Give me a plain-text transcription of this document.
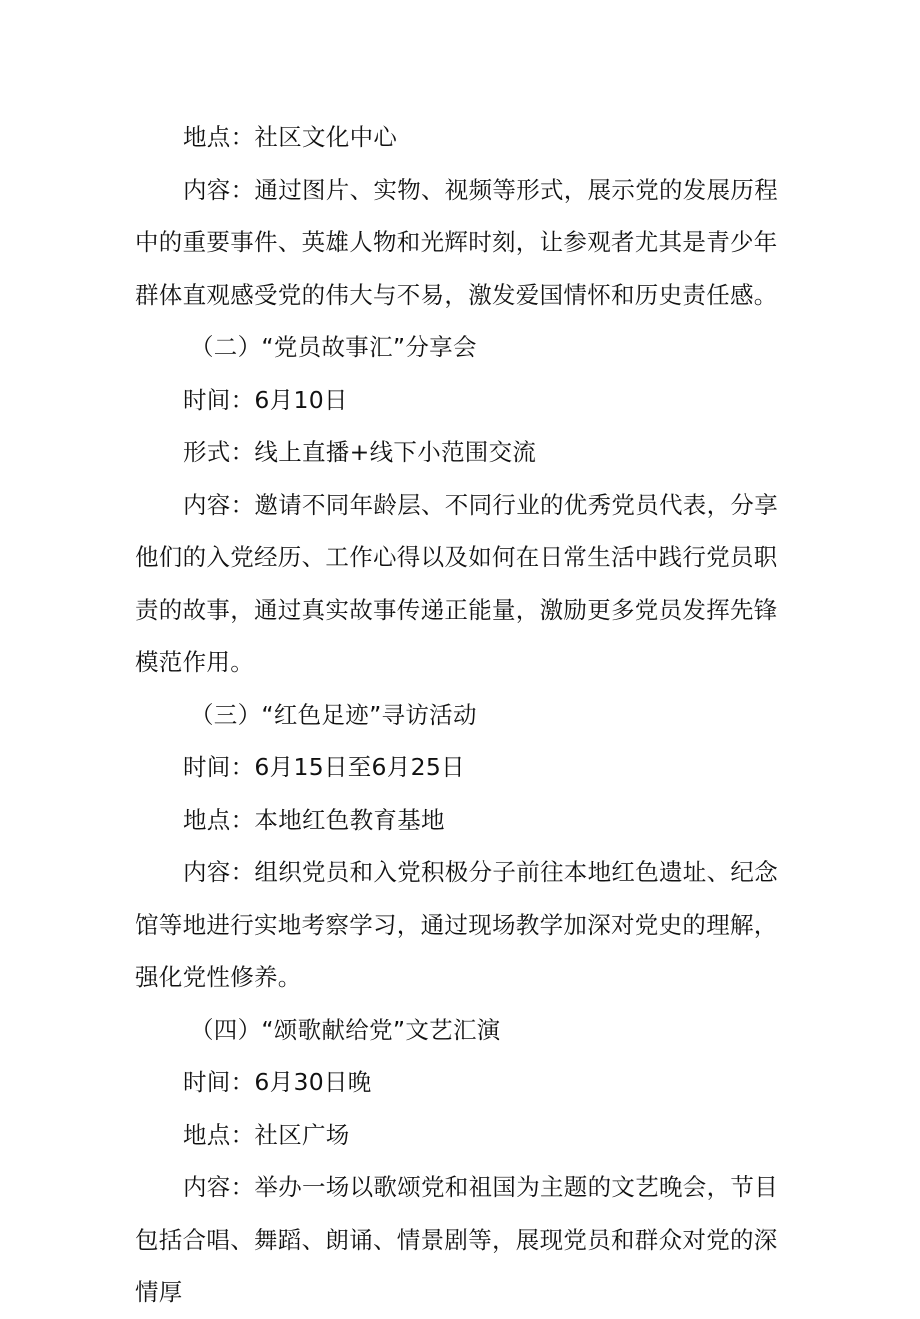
地点：社区文化中心

内容：通过图片、实物、视频等形式，展示党的发展历程中的重要事件、英雄人物和光辉时刻，让参观者尤其是青少年群体直观感受党的伟大与不易，激发爱国情怀和历史责任感。

（二）“党员故事汇”分享会

时间：6月10日

形式：线上直播+线下小范围交流

内容：邀请不同年龄层、不同行业的优秀党员代表，分享他们的入党经历、工作心得以及如何在日常生活中践行党员职责的故事，通过真实故事传递正能量，激励更多党员发挥先锋模范作用。

（三）“红色足迹”寻访活动

时间：6月15日至6月25日

地点：本地红色教育基地

内容：组织党员和入党积极分子前往本地红色遗址、纪念馆等地进行实地考察学习，通过现场教学加深对党史的理解，强化党性修养。

（四）“颂歌献给党”文艺汇演

时间：6月30日晚

地点：社区广场

内容：举办一场以歌颂党和祖国为主题的文艺晚会，节目包括合唱、舞蹈、朗诵、情景剧等，展现党员和群众对党的深情厚
